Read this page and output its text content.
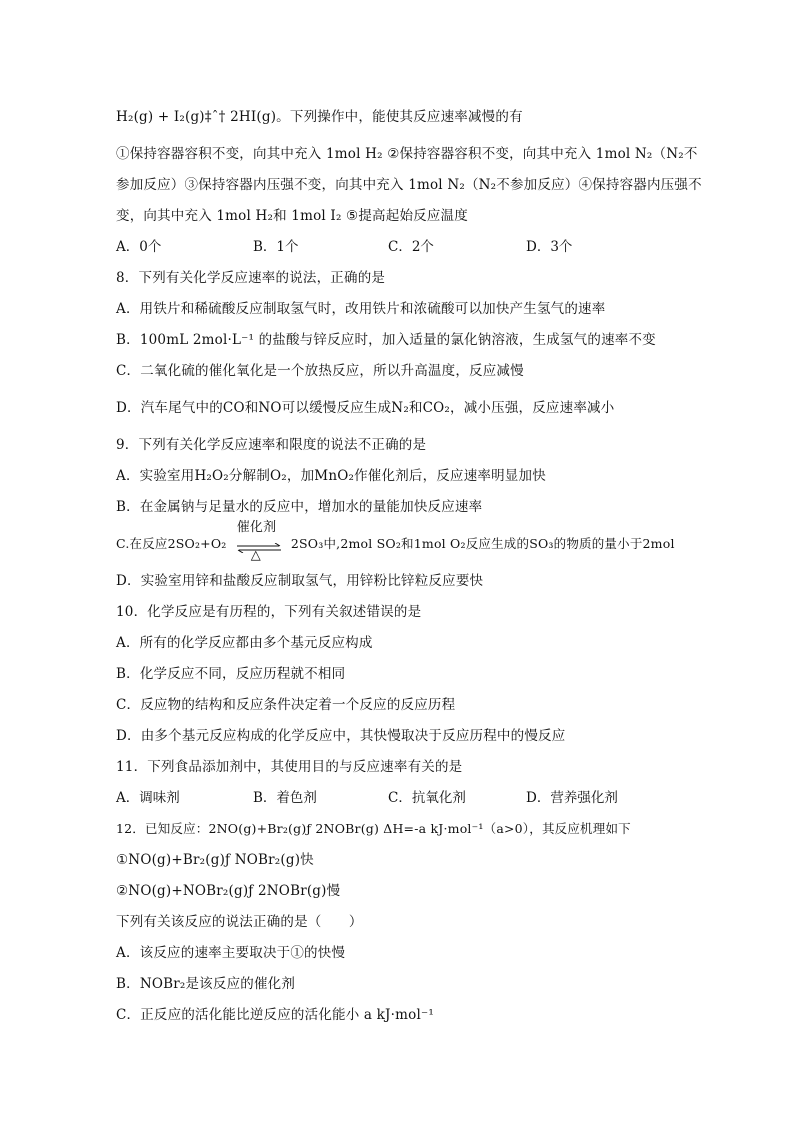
H₂(g) + I₂(g)‡ˆ† 2HI(g)。下列操作中，能使其反应速率减慢的有
①保持容器容积不变，向其中充入 1mol H₂ ②保持容器容积不变，向其中充入 1mol N₂（N₂不
参加反应）③保持容器内压强不变，向其中充入 1mol N₂（N₂不参加反应）④保持容器内压强不
变，向其中充入 1mol H₂和 1mol I₂ ⑤提高起始反应温度
A．0个	B．1个	C．2个	D．3个
8．下列有关化学反应速率的说法，正确的是
A．用铁片和稀硫酸反应制取氢气时，改用铁片和浓硫酸可以加快产生氢气的速率
B．100mL 2mol·L⁻¹ 的盐酸与锌反应时，加入适量的氯化钠溶液，生成氢气的速率不变
C．二氧化硫的催化氧化是一个放热反应，所以升高温度，反应减慢
D．汽车尾气中的CO和NO可以缓慢反应生成N₂和CO₂，减小压强，反应速率减小
9．下列有关化学反应速率和限度的说法不正确的是
A．实验室用H₂O₂分解制O₂，加MnO₂作催化剂后，反应速率明显加快
B．在金属钠与足量水的反应中，增加水的量能加快反应速率
C.在反应2SO₂+O₂
催化剂
△
2SO₃中,2mol SO₂和1mol O₂反应生成的SO₃的物质的量小于2mol
D．实验室用锌和盐酸反应制取氢气，用锌粉比锌粒反应要快
10．化学反应是有历程的，下列有关叙述错误的是
A．所有的化学反应都由多个基元反应构成
B．化学反应不同，反应历程就不相同
C．反应物的结构和反应条件决定着一个反应的反应历程
D．由多个基元反应构成的化学反应中，其快慢取决于反应历程中的慢反应
11．下列食品添加剂中，其使用目的与反应速率有关的是
A．调味剂	B．着色剂	C．抗氧化剂	D．营养强化剂
12．已知反应：2NO(g)+Br₂(g)ƒ 2NOBr(g) ΔH=-a kJ·mol⁻¹（a>0），其反应机理如下
①NO(g)+Br₂(g)ƒ NOBr₂(g)快
②NO(g)+NOBr₂(g)ƒ 2NOBr(g)慢
下列有关该反应的说法正确的是（　　）
A．该反应的速率主要取决于①的快慢
B．NOBr₂是该反应的催化剂
C．正反应的活化能比逆反应的活化能小 a kJ·mol⁻¹
